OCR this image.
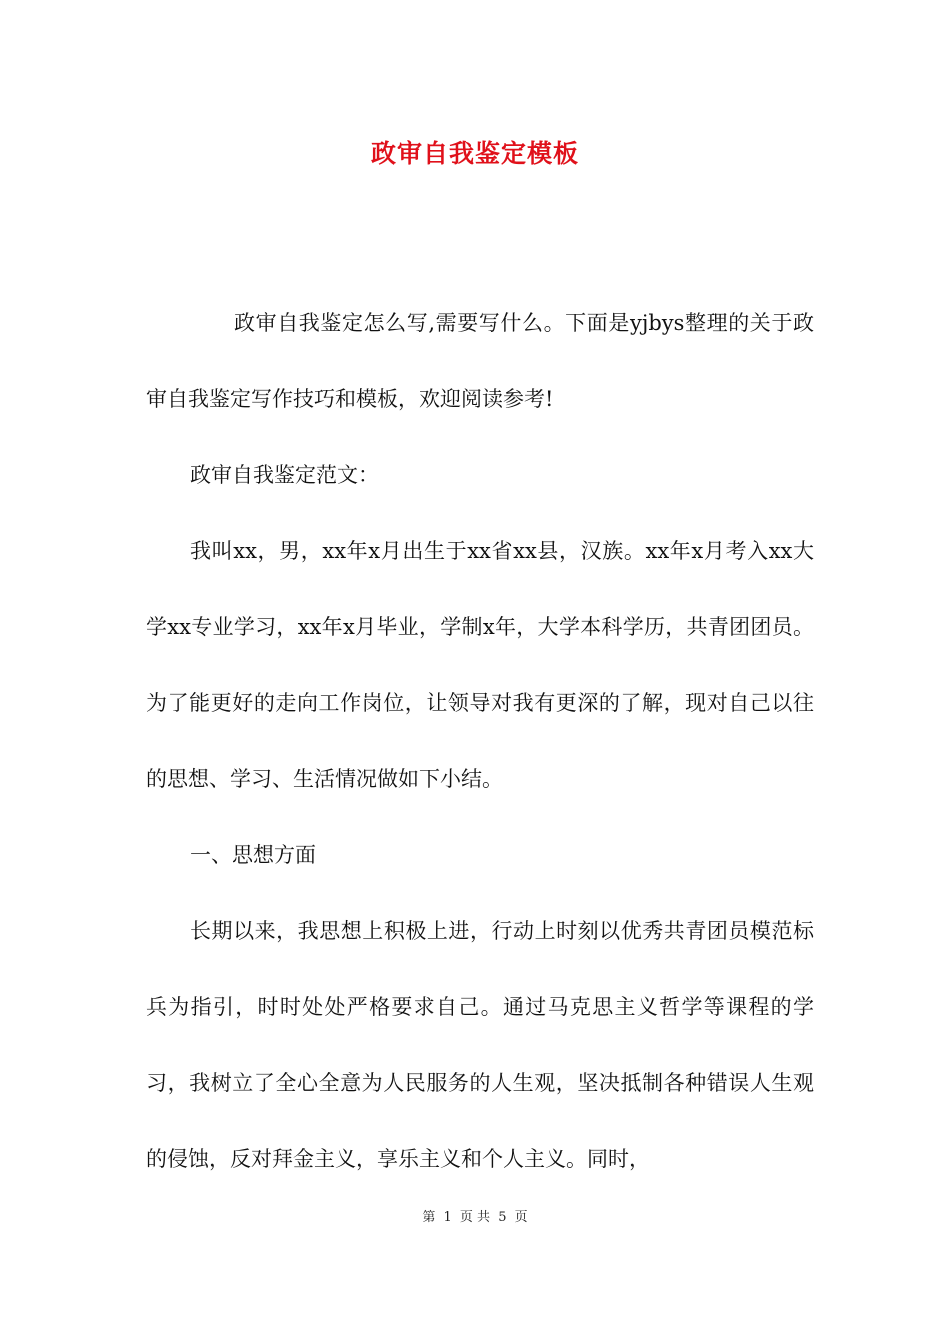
政审自我鉴定模板

政审自我鉴定怎么写,需要写什么。下面是yjbys整理的关于政审自我鉴定写作技巧和模板，欢迎阅读参考!

政审自我鉴定范文：

我叫xx，男，xx年x月出生于xx省xx县，汉族。xx年x月考入xx大学xx专业学习，xx年x月毕业，学制x年，大学本科学历，共青团团员。为了能更好的走向工作岗位，让领导对我有更深的了解，现对自己以往的思想、学习、生活情况做如下小结。

一、思想方面

长期以来，我思想上积极上进，行动上时刻以优秀共青团员模范标兵为指引，时时处处严格要求自己。通过马克思主义哲学等课程的学习，我树立了全心全意为人民服务的人生观，坚决抵制各种错误人生观的侵蚀，反对拜金主义，享乐主义和个人主义。同时，

第 1 页 共 5 页
